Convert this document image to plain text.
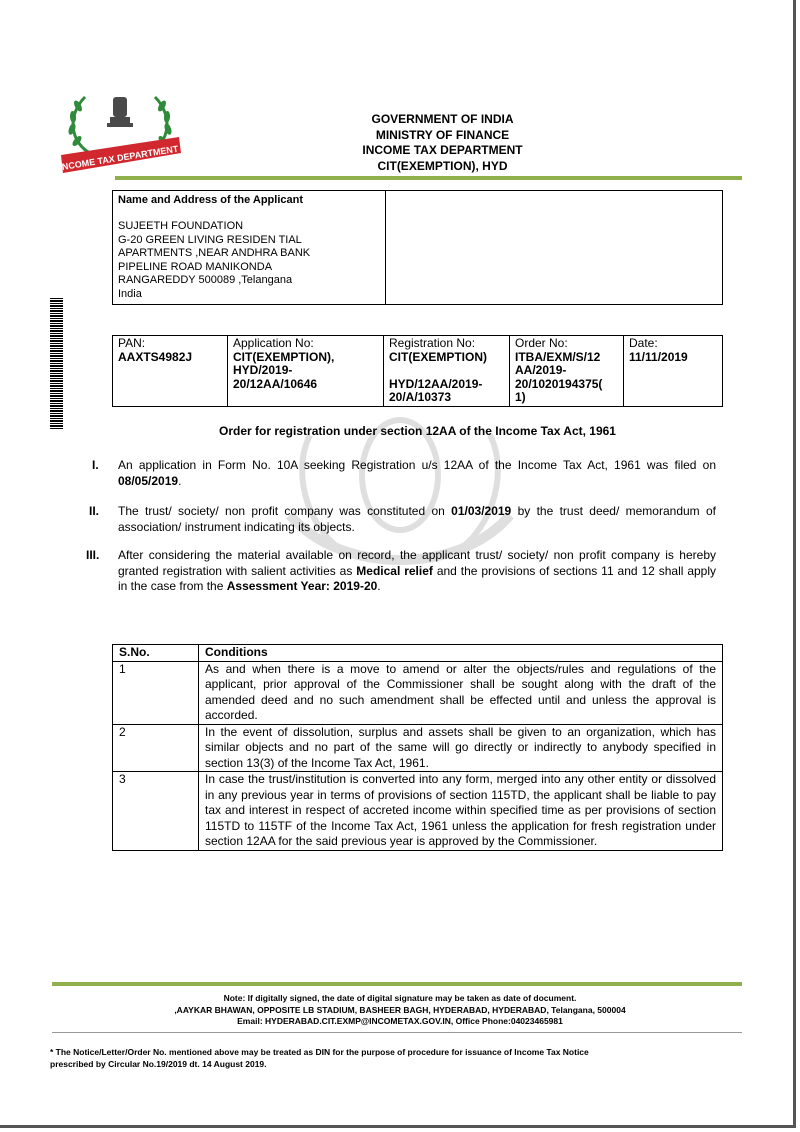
INCOME TAX DEPARTMENT
GOVERNMENT OF INDIA
MINISTRY OF FINANCE
INCOME TAX DEPARTMENT
CIT(EXEMPTION), HYD
Name and Address of the Applicant
SUJEETH FOUNDATION
G-20 GREEN LIVING RESIDEN TIAL
APARTMENTS ,NEAR ANDHRA BANK
PIPELINE ROAD MANIKONDA
RANGAREDDY 500089 ,Telangana
India

PAN:
AAXTS4982J

Application No:
CIT(EXEMPTION),
HYD/2019-
20/12AA/10646

Registration No:
CIT(EXEMPTION)
HYD/12AA/2019-
20/A/10373

Order No:
ITBA/EXM/S/12
AA/2019-
20/1020194375(
1)

Date:
11/11/2019
Order for registration under section 12AA of the Income Tax Act, 1961
I. An application in Form No. 10A seeking Registration u/s 12AA of the Income Tax Act, 1961 was filed on 08/05/2019.
II. The trust/ society/ non profit company was constituted on 01/03/2019 by the trust deed/ memorandum of association/ instrument indicating its objects.
III. After considering the material available on record, the applicant trust/ society/ non profit company is hereby granted registration with salient activities as Medical relief and the provisions of sections 11 and 12 shall apply in the case from the Assessment Year: 2019-20.
S.No.	Conditions
1	As and when there is a move to amend or alter the objects/rules and regulations of the applicant, prior approval of the Commissioner shall be sought along with the draft of the amended deed and no such amendment shall be effected until and unless the approval is accorded.
2	In the event of dissolution, surplus and assets shall be given to an organization, which has similar objects and no part of the same will go directly or indirectly to anybody specified in section 13(3) of the Income Tax Act, 1961.
3	In case the trust/institution is converted into any form, merged into any other entity or dissolved in any previous year in terms of provisions of section 115TD, the applicant shall be liable to pay tax and interest in respect of accreted income within specified time as per provisions of section 115TD to 115TF of the Income Tax Act, 1961 unless the application for fresh registration under section 12AA for the said previous year is approved by the Commissioner.
Note: If digitally signed, the date of digital signature may be taken as date of document.
,AAYKAR BHAWAN, OPPOSITE LB STADIUM, BASHEER BAGH, HYDERABAD, HYDERABAD, Telangana, 500004
Email: HYDERABAD.CIT.EXMP@INCOMETAX.GOV.IN, Office Phone:04023465981
* The Notice/Letter/Order No. mentioned above may be treated as DIN for the purpose of procedure for issuance of Income Tax Notice
prescribed by Circular No.19/2019 dt. 14 August 2019.
